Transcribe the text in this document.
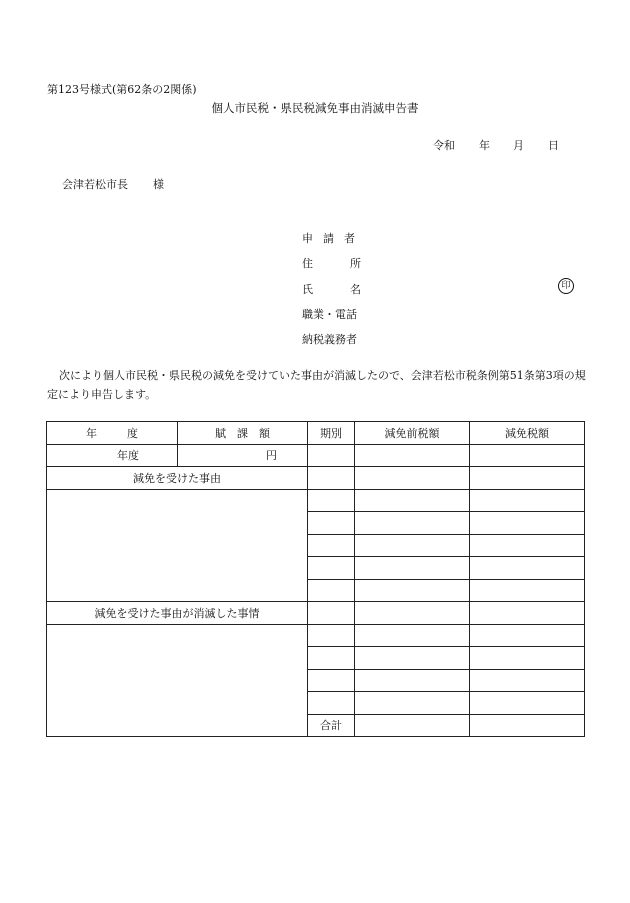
第123号様式(第62条の2関係)
個人市民税・県民税減免事由消滅申告書
令和 年 月 日
会津若松市長 様
申 請 者
住	所
氏	名	印
職業・電話
納税義務者
次により個人市民税・県民税の減免を受けていた事由が消滅したので、会津若松市税条例第51条第3項の規定により申告します。
年 度	賦 課 額	期別	減免前税額	減免税額
年度	円			
減免を受けた事由				

減免を受けた事由が消滅した事情				

		合計		
